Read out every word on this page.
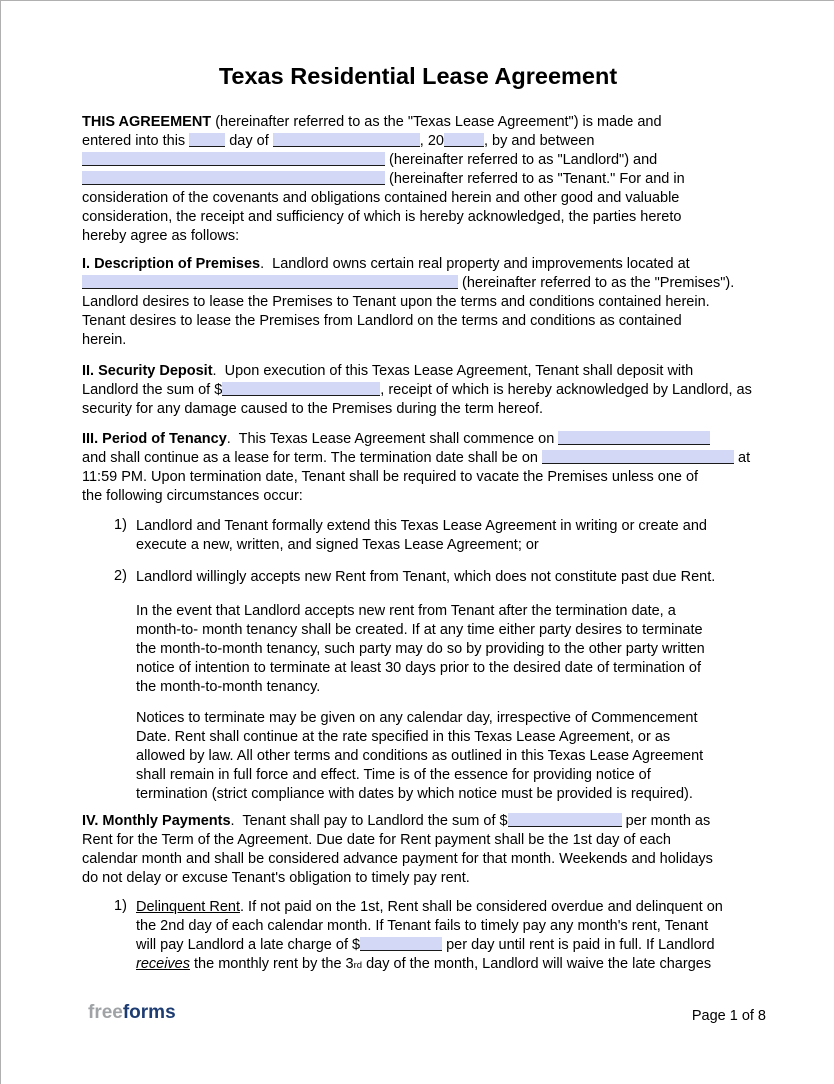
Texas Residential Lease Agreement
THIS AGREEMENT (hereinafter referred to as the "Texas Lease Agreement") is made and
entered into this  day of	, 20	, by and between
(hereinafter referred to as "Landlord") and
(hereinafter referred to as "Tenant." For and in
consideration of the covenants and obligations contained herein and other good and valuable
consideration, the receipt and sufficiency of which is hereby acknowledged, the parties hereto
hereby agree as follows:
I. Description of Premises.  Landlord owns certain real property and improvements located at
(hereinafter referred to as the "Premises").
Landlord desires to lease the Premises to Tenant upon the terms and conditions contained herein.
Tenant desires to lease the Premises from Landlord on the terms and conditions as contained
herein.
II. Security Deposit.  Upon execution of this Texas Lease Agreement, Tenant shall deposit with
Landlord the sum of $	, receipt of which is hereby acknowledged by Landlord, as
security for any damage caused to the Premises during the term hereof.
III. Period of Tenancy.  This Texas Lease Agreement shall commence on
and shall continue as a lease for term. The termination date shall be on	at
11:59 PM. Upon termination date, Tenant shall be required to vacate the Premises unless one of
the following circumstances occur:
1) Landlord and Tenant formally extend this Texas Lease Agreement in writing or create and
execute a new, written, and signed Texas Lease Agreement; or
2) Landlord willingly accepts new Rent from Tenant, which does not constitute past due Rent.
In the event that Landlord accepts new rent from Tenant after the termination date, a
month-to- month tenancy shall be created. If at any time either party desires to terminate
the month-to-month tenancy, such party may do so by providing to the other party written
notice of intention to terminate at least 30 days prior to the desired date of termination of
the month-to-month tenancy.
Notices to terminate may be given on any calendar day, irrespective of Commencement
Date. Rent shall continue at the rate specified in this Texas Lease Agreement, or as
allowed by law. All other terms and conditions as outlined in this Texas Lease Agreement
shall remain in full force and effect. Time is of the essence for providing notice of
termination (strict compliance with dates by which notice must be provided is required).
IV. Monthly Payments.  Tenant shall pay to Landlord the sum of $	per month as
Rent for the Term of the Agreement. Due date for Rent payment shall be the 1st day of each
calendar month and shall be considered advance payment for that month. Weekends and holidays
do not delay or excuse Tenant's obligation to timely pay rent.
1) Delinquent Rent. If not paid on the 1st, Rent shall be considered overdue and delinquent on
the 2nd day of each calendar month. If Tenant fails to timely pay any month's rent, Tenant
will pay Landlord a late charge of $	per day until rent is paid in full. If Landlord
receives the monthly rent by the 3rd day of the month, Landlord will waive the late charges
freeforms	Page 1 of 8
